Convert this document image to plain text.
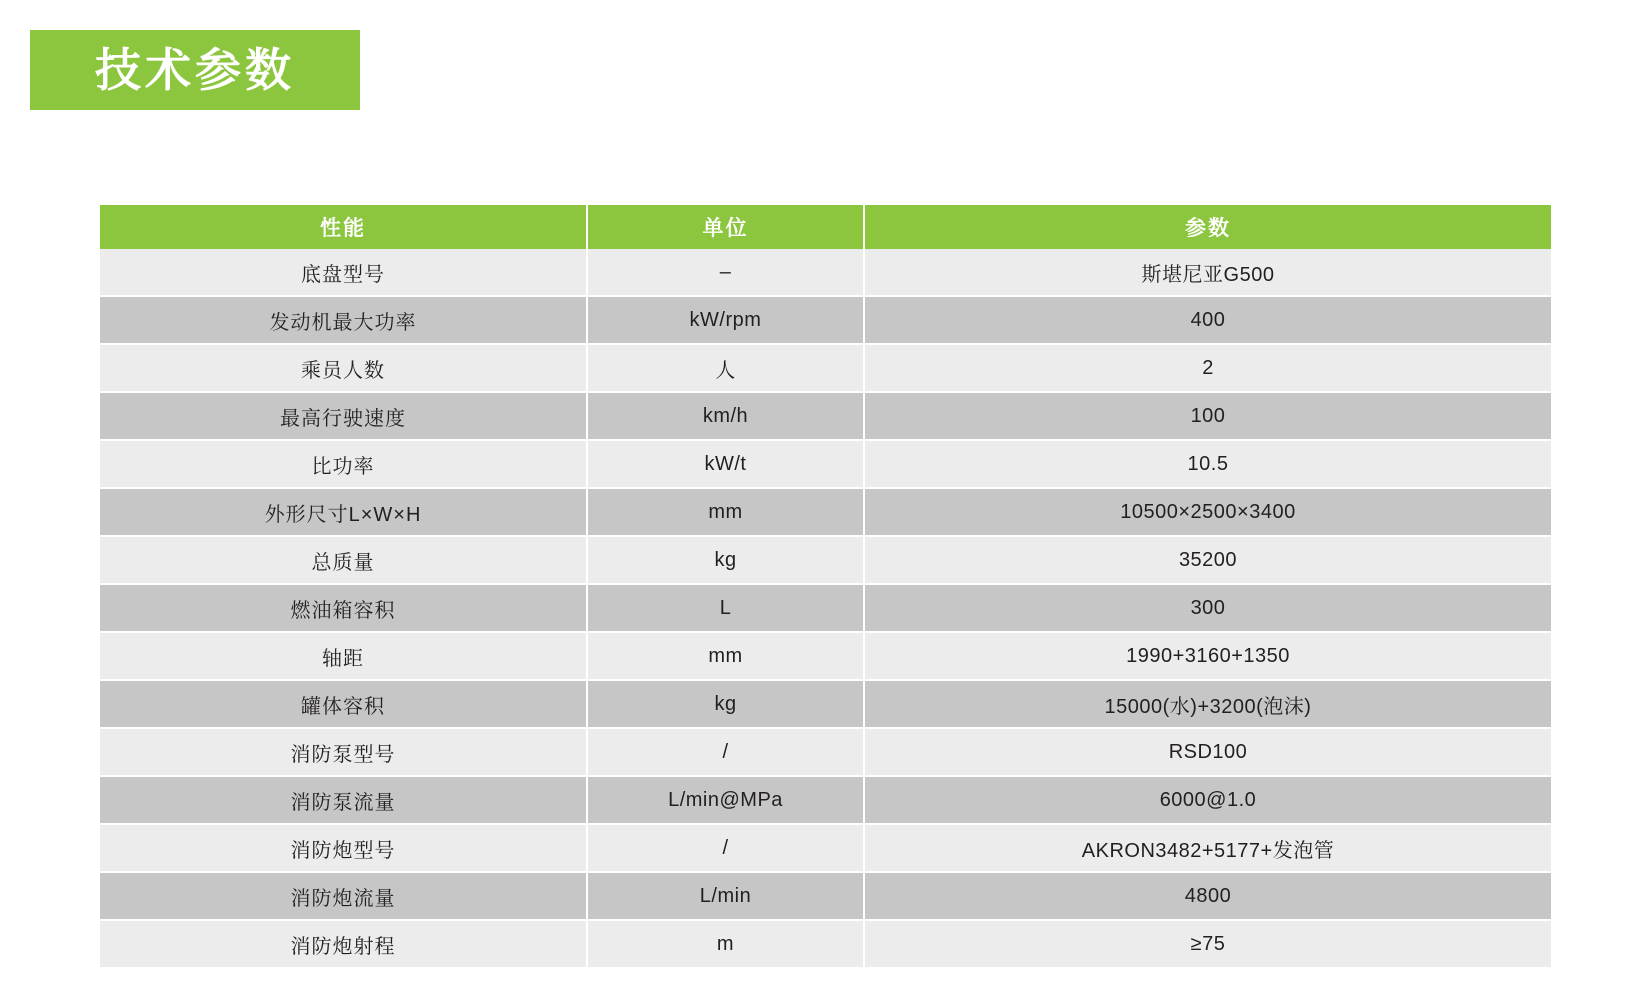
技术参数
性能	单位	参数
底盘型号	–	斯堪尼亚G500
发动机最大功率	kW/rpm	400
乘员人数	人	2
最高行驶速度	km/h	100
比功率	kW/t	10.5
外形尺寸L×W×H	mm	10500×2500×3400
总质量	kg	35200
燃油箱容积	L	300
轴距	mm	1990+3160+1350
罐体容积	kg	15000(水)+3200(泡沫)
消防泵型号	/	RSD100
消防泵流量	L/min@MPa	6000@1.0
消防炮型号	/	AKRON3482+5177+发泡管
消防炮流量	L/min	4800
消防炮射程	m	≥75
